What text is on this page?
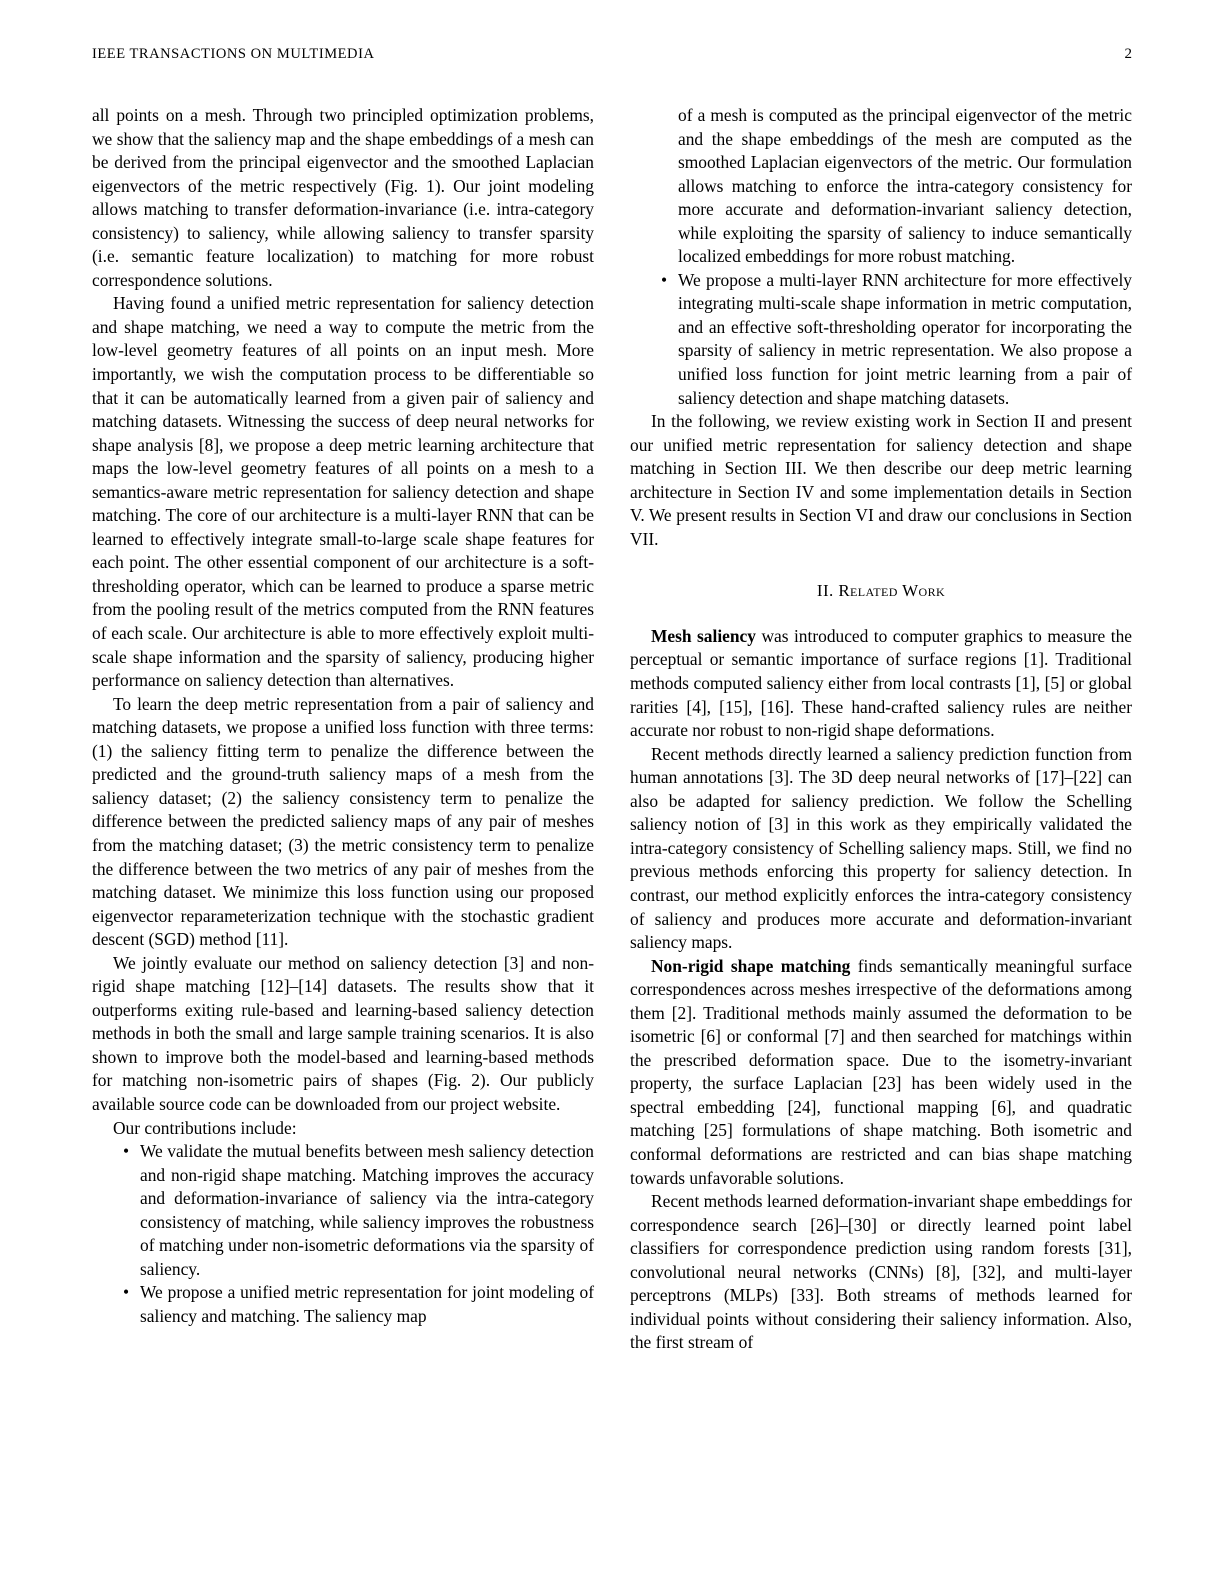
IEEE TRANSACTIONS ON MULTIMEDIA	2

all points on a mesh. Through two principled optimization problems, we show that the saliency map and the shape embeddings of a mesh can be derived from the principal eigenvector and the smoothed Laplacian eigenvectors of the metric respectively (Fig. 1). Our joint modeling allows matching to transfer deformation-invariance (i.e. intra-category consistency) to saliency, while allowing saliency to transfer sparsity (i.e. semantic feature localization) to matching for more robust correspondence solutions.

Having found a unified metric representation for saliency detection and shape matching, we need a way to compute the metric from the low-level geometry features of all points on an input mesh. More importantly, we wish the computation process to be differentiable so that it can be automatically learned from a given pair of saliency and matching datasets. Witnessing the success of deep neural networks for shape analysis [8], we propose a deep metric learning architecture that maps the low-level geometry features of all points on a mesh to a semantics-aware metric representation for saliency detection and shape matching. The core of our architecture is a multi-layer RNN that can be learned to effectively integrate small-to-large scale shape features for each point. The other essential component of our architecture is a soft-thresholding operator, which can be learned to produce a sparse metric from the pooling result of the metrics computed from the RNN features of each scale. Our architecture is able to more effectively exploit multi-scale shape information and the sparsity of saliency, producing higher performance on saliency detection than alternatives.

To learn the deep metric representation from a pair of saliency and matching datasets, we propose a unified loss function with three terms: (1) the saliency fitting term to penalize the difference between the predicted and the ground-truth saliency maps of a mesh from the saliency dataset; (2) the saliency consistency term to penalize the difference between the predicted saliency maps of any pair of meshes from the matching dataset; (3) the metric consistency term to penalize the difference between the two metrics of any pair of meshes from the matching dataset. We minimize this loss function using our proposed eigenvector reparameterization technique with the stochastic gradient descent (SGD) method [11].

We jointly evaluate our method on saliency detection [3] and non-rigid shape matching [12]–[14] datasets. The results show that it outperforms exiting rule-based and learning-based saliency detection methods in both the small and large sample training scenarios. It is also shown to improve both the model-based and learning-based methods for matching non-isometric pairs of shapes (Fig. 2). Our publicly available source code can be downloaded from our project website.

Our contributions include:

• We validate the mutual benefits between mesh saliency detection and non-rigid shape matching. Matching improves the accuracy and deformation-invariance of saliency via the intra-category consistency of matching, while saliency improves the robustness of matching under non-isometric deformations via the sparsity of saliency.
• We propose a unified metric representation for joint modeling of saliency and matching. The saliency map
of a mesh is computed as the principal eigenvector of the metric and the shape embeddings of the mesh are computed as the smoothed Laplacian eigenvectors of the metric. Our formulation allows matching to enforce the intra-category consistency for more accurate and deformation-invariant saliency detection, while exploiting the sparsity of saliency to induce semantically localized embeddings for more robust matching.
• We propose a multi-layer RNN architecture for more effectively integrating multi-scale shape information in metric computation, and an effective soft-thresholding operator for incorporating the sparsity of saliency in metric representation. We also propose a unified loss function for joint metric learning from a pair of saliency detection and shape matching datasets.

In the following, we review existing work in Section II and present our unified metric representation for saliency detection and shape matching in Section III. We then describe our deep metric learning architecture in Section IV and some implementation details in Section V. We present results in Section VI and draw our conclusions in Section VII.

II. Related Work

Mesh saliency was introduced to computer graphics to measure the perceptual or semantic importance of surface regions [1]. Traditional methods computed saliency either from local contrasts [1], [5] or global rarities [4], [15], [16]. These hand-crafted saliency rules are neither accurate nor robust to non-rigid shape deformations.

Recent methods directly learned a saliency prediction function from human annotations [3]. The 3D deep neural networks of [17]–[22] can also be adapted for saliency prediction. We follow the Schelling saliency notion of [3] in this work as they empirically validated the intra-category consistency of Schelling saliency maps. Still, we find no previous methods enforcing this property for saliency detection. In contrast, our method explicitly enforces the intra-category consistency of saliency and produces more accurate and deformation-invariant saliency maps.

Non-rigid shape matching finds semantically meaningful surface correspondences across meshes irrespective of the deformations among them [2]. Traditional methods mainly assumed the deformation to be isometric [6] or conformal [7] and then searched for matchings within the prescribed deformation space. Due to the isometry-invariant property, the surface Laplacian [23] has been widely used in the spectral embedding [24], functional mapping [6], and quadratic matching [25] formulations of shape matching. Both isometric and conformal deformations are restricted and can bias shape matching towards unfavorable solutions.

Recent methods learned deformation-invariant shape embeddings for correspondence search [26]–[30] or directly learned point label classifiers for correspondence prediction using random forests [31], convolutional neural networks (CNNs) [8], [32], and multi-layer perceptrons (MLPs) [33]. Both streams of methods learned for individual points without considering their saliency information. Also, the first stream of
